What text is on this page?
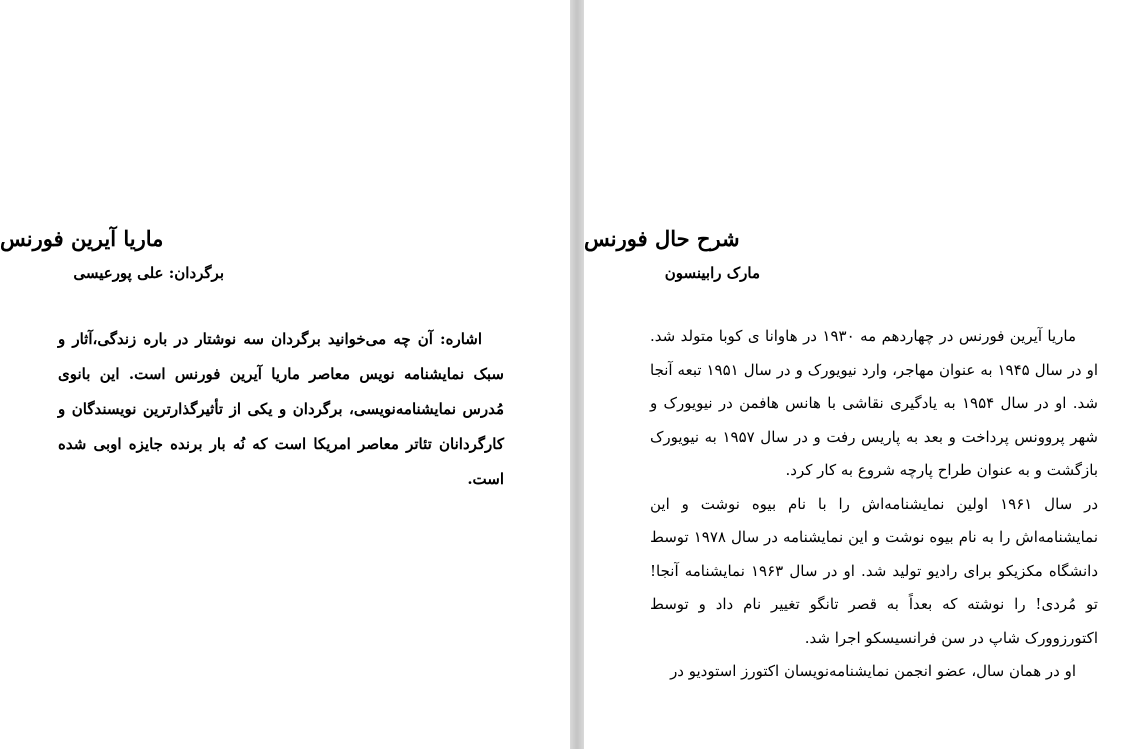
ماریا آیرین فورنس
برگردان: علی پورعیسی

اشاره: آن چه می‌خوانید برگردان سه نوشتار در باره زندگی،آثار و سبک نمایشنامه نویس معاصر ماریا آیرین فورنس است. این بانوی مُدرس نمایشنامه‌نویسی، برگردان و یکی از تأثیرگذارترین نویسندگان و کارگردانان تئاتر معاصر امریکا است که نُه بار برنده جایزه اوبی شده است.

شرح حال فورنس
مارک رابینسون

ماریا آیرین فورنس در چهاردهم مه ۱۹۳۰ در هاوانا ی کوبا متولد شد. او در سال ۱۹۴۵ به عنوان مهاجر، وارد نیویورک و در سال ۱۹۵۱ تبعه آنجا شد. او در سال ۱۹۵۴ به یادگیری نقاشی با هانس هافمن در نیویورک و شهر پروونس پرداخت و بعد به پاریس رفت و در سال ۱۹۵۷ به نیویورک بازگشت و به عنوان طراح پارچه شروع به کار کرد.

در سال ۱۹۶۱ اولین نمایشنامه‌اش را با نام بیوه نوشت و این نمایشنامه‌اش را به نام بیوه نوشت و این نمایشنامه در سال ۱۹۷۸ توسط دانشگاه مکزیکو برای رادیو تولید شد. او در سال ۱۹۶۳ نمایشنامه آنجا! تو مُردی! را نوشته که بعداً به قصر تانگو تغییر نام داد و توسط اکتورزوورک شاپ در سن فرانسیسکو اجرا شد.

او در همان سال، عضو انجمن نمایشنامه‌نویسان اکتورز استودیو در
